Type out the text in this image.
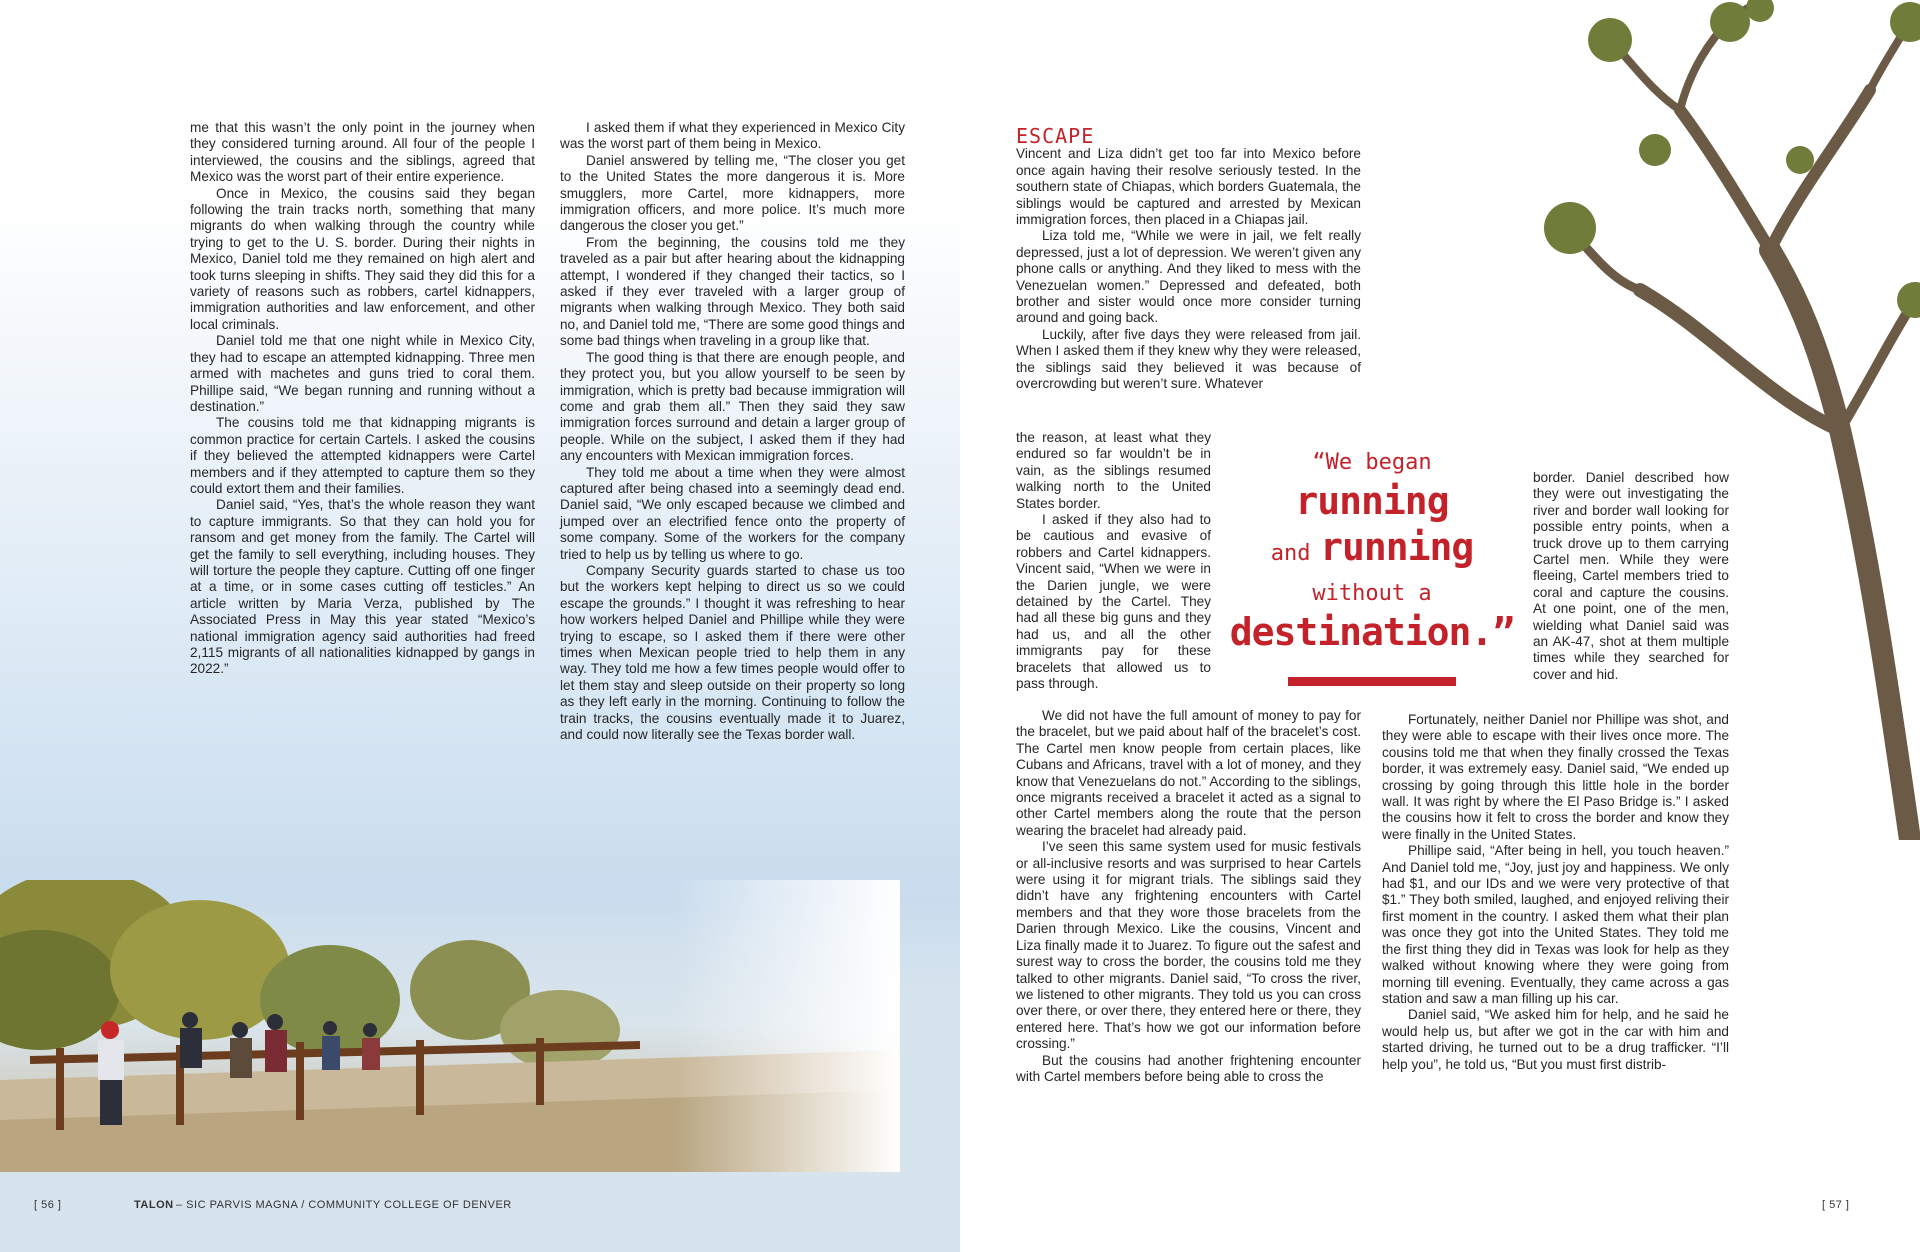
me that this wasn’t the only point in the journey when they considered turning around. All four of the people I interviewed, the cousins and the siblings, agreed that Mexico was the worst part of their entire experience.

Once in Mexico, the cousins said they began following the train tracks north, something that many migrants do when walking through the country while trying to get to the U. S. border. During their nights in Mexico, Daniel told me they remained on high alert and took turns sleeping in shifts. They said they did this for a variety of reasons such as robbers, cartel kidnappers, immigration authorities and law enforcement, and other local criminals.

Daniel told me that one night while in Mexico City, they had to escape an attempted kidnapping. Three men armed with machetes and guns tried to coral them. Phillipe said, “We began running and running without a destination.”

The cousins told me that kidnapping migrants is common practice for certain Cartels. I asked the cousins if they believed the attempted kidnappers were Cartel members and if they attempted to capture them so they could extort them and their families.

Daniel said, “Yes, that’s the whole reason they want to capture immigrants. So that they can hold you for ransom and get money from the family. The Cartel will get the family to sell everything, including houses. They will torture the people they capture. Cutting off one finger at a time, or in some cases cutting off testicles.” An article written by Maria Verza, published by The Associated Press in May this year stated “Mexico’s national immigration agency said authorities had freed 2,115 migrants of all nationalities kidnapped by gangs in 2022.”

I asked them if what they experienced in Mexico City was the worst part of them being in Mexico.

Daniel answered by telling me, “The closer you get to the United States the more dangerous it is. More smugglers, more Cartel, more kidnappers, more immigration officers, and more police. It’s much more dangerous the closer you get.”

From the beginning, the cousins told me they traveled as a pair but after hearing about the kidnapping attempt, I wondered if they changed their tactics, so I asked if they ever traveled with a larger group of migrants when walking through Mexico. They both said no, and Daniel told me, “There are some good things and some bad things when traveling in a group like that.

The good thing is that there are enough people, and they protect you, but you allow yourself to be seen by immigration, which is pretty bad because immigration will come and grab them all.” Then they said they saw immigration forces surround and detain a larger group of people. While on the subject, I asked them if they had any encounters with Mexican immigration forces.

They told me about a time when they were almost captured after being chased into a seemingly dead end. Daniel said, “We only escaped because we climbed and jumped over an electrified fence onto the property of some company. Some of the workers for the company tried to help us by telling us where to go.

Company Security guards started to chase us too but the workers kept helping to direct us so we could escape the grounds.” I thought it was refreshing to hear how workers helped Daniel and Phillipe while they were trying to escape, so I asked them if there were other times when Mexican people tried to help them in any way. They told me how a few times people would offer to let them stay and sleep outside on their property so long as they left early in the morning. Continuing to follow the train tracks, the cousins eventually made it to Juarez, and could now literally see the Texas border wall.

[ 56 ]	TALON – SIC PARVIS MAGNA / COMMUNITY COLLEGE OF DENVER
ESCAPE

Vincent and Liza didn’t get too far into Mexico before once again having their resolve seriously tested. In the southern state of Chiapas, which borders Guatemala, the siblings would be captured and arrested by Mexican immigration forces, then placed in a Chiapas jail.

Liza told me, “While we were in jail, we felt really depressed, just a lot of depression. We weren’t given any phone calls or anything. And they liked to mess with the Venezuelan women.” Depressed and defeated, both brother and sister would once more consider turning around and going back.

Luckily, after five days they were released from jail. When I asked them if they knew why they were released, the siblings said they believed it was because of overcrowding but weren’t sure. Whatever

the reason, at least what they endured so far wouldn’t be in vain, as the siblings resumed walking north to the United States border.

I asked if they also had to be cautious and evasive of robbers and Cartel kidnappers. Vincent said, “When we were in the Darien jungle, we were detained by the Cartel. They had all these big guns and they had us, and all the other immigrants pay for these bracelets that allowed us to pass through.

We did not have the full amount of money to pay for the bracelet, but we paid about half of the bracelet’s cost. The Cartel men know people from certain places, like Cubans and Africans, travel with a lot of money, and they know that Venezuelans do not.” According to the siblings, once migrants received a bracelet it acted as a signal to other Cartel members along the route that the person wearing the bracelet had already paid.

I’ve seen this same system used for music festivals or all-inclusive resorts and was surprised to hear Cartels were using it for migrant trials. The siblings said they didn’t have any frightening encounters with Cartel members and that they wore those bracelets from the Darien through Mexico. Like the cousins, Vincent and Liza finally made it to Juarez. To figure out the safest and surest way to cross the border, the cousins told me they talked to other migrants. Daniel said, “To cross the river, we listened to other migrants. They told us you can cross over there, or over there, they entered here or there, they entered here. That’s how we got our information before crossing.”

But the cousins had another frightening encounter with Cartel members before being able to cross the

border. Daniel described how they were out investigating the river and border wall looking for possible entry points, when a truck drove up to them carrying Cartel men. While they were fleeing, Cartel members tried to coral and capture the cousins. At one point, one of the men, wielding what Daniel said was an AK-47, shot at them multiple times while they searched for cover and hid.

Fortunately, neither Daniel nor Phillipe was shot, and they were able to escape with their lives once more. The cousins told me that when they finally crossed the Texas border, it was extremely easy. Daniel said, “We ended up crossing by going through this little hole in the border wall. It was right by where the El Paso Bridge is.” I asked the cousins how it felt to cross the border and know they were finally in the United States.

Phillipe said, “After being in hell, you touch heaven.” And Daniel told me, “Joy, just joy and happiness. We only had $1, and our IDs and we were very protective of that $1.” They both smiled, laughed, and enjoyed reliving their first moment in the country. I asked them what their plan was once they got into the United States. They told me the first thing they did in Texas was look for help as they walked without knowing where they were going from morning till evening. Eventually, they came across a gas station and saw a man filling up his car.

Daniel said, “We asked him for help, and he said he would help us, but after we got in the car with him and started driving, he turned out to be a drug trafficker. “I’ll help you”, he told us, “But you must first distrib-

“We began
running
and running
without a
destination.”
[ 57 ]
